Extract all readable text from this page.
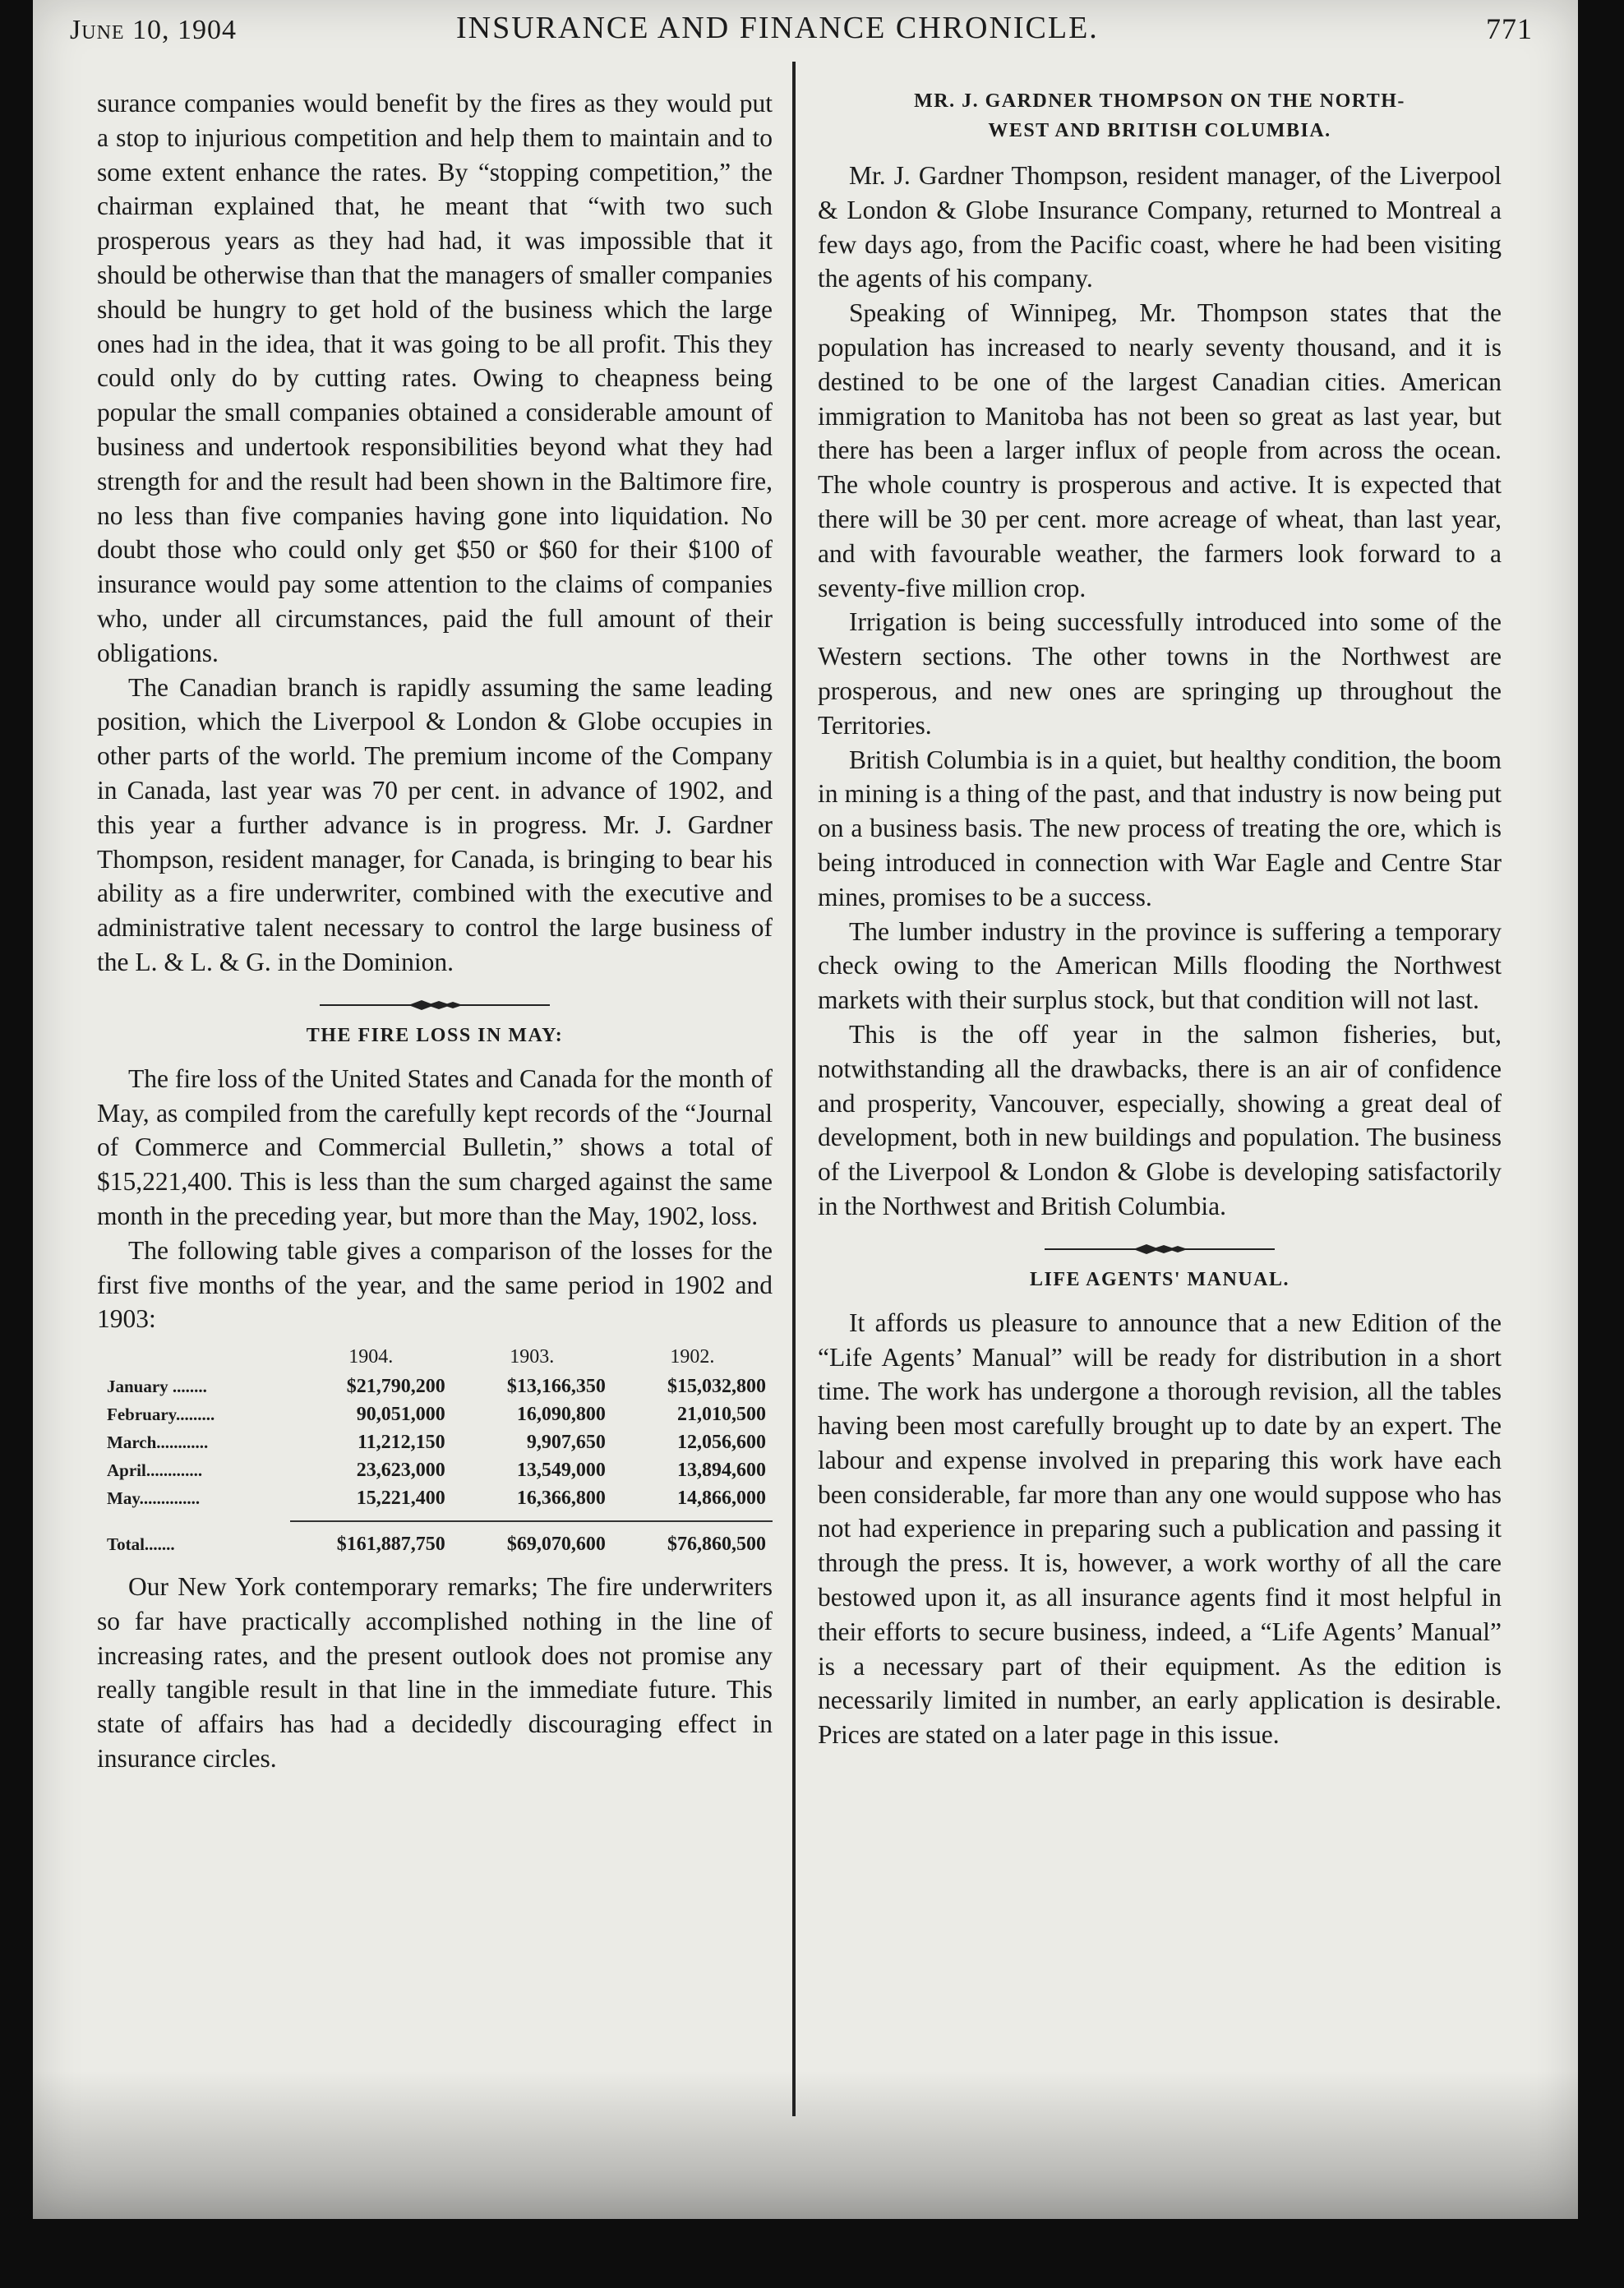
June 10, 1904	INSURANCE AND FINANCE CHRONICLE.	771

surance companies would benefit by the fires as they would put a stop to injurious competition and help them to maintain and to some extent enhance the rates. By “stopping competition,” the chairman explained that, he meant that “with two such prosperous years as they had had, it was impossible that it should be otherwise than that the managers of smaller companies should be hungry to get hold of the business which the large ones had in the idea, that it was going to be all profit. This they could only do by cutting rates. Owing to cheapness being popular the small companies obtained a considerable amount of business and undertook responsibilities beyond what they had strength for and the result had been shown in the Baltimore fire, no less than five companies having gone into liquidation. No doubt those who could only get $50 or $60 for their $100 of insurance would pay some attention to the claims of companies who, under all circumstances, paid the full amount of their obligations.

The Canadian branch is rapidly assuming the same leading position, which the Liverpool & London & Globe occupies in other parts of the world. The premium income of the Company in Canada, last year was 70 per cent. in advance of 1902, and this year a further advance is in progress. Mr. J. Gardner Thompson, resident manager, for Canada, is bringing to bear his ability as a fire underwriter, combined with the executive and administrative talent necessary to control the large business of the L. & L. & G. in the Dominion.

THE FIRE LOSS IN MAY:

The fire loss of the United States and Canada for the month of May, as compiled from the carefully kept records of the “Journal of Commerce and Commercial Bulletin,” shows a total of $15,221,400. This is less than the sum charged against the same month in the preceding year, but more than the May, 1902, loss.

The following table gives a comparison of the losses for the first five months of the year, and the same period in 1902 and 1903:

	1904.	1903.	1902.
January ........	$21,790,200	$13,166,350	$15,032,800
February.........	90,051,000	16,090,800	21,010,500
March............	11,212,150	9,907,650	12,056,600
April.............	23,623,000	13,549,000	13,894,600
May..............	15,221,400	16,366,800	14,866,000

Total.......	$161,887,750	$69,070,600	$76,860,500

Our New York contemporary remarks; The fire underwriters so far have practically accomplished nothing in the line of increasing rates, and the present outlook does not promise any really tangible result in that line in the immediate future. This state of affairs has had a decidedly discouraging effect in insurance circles.

MR. J. GARDNER THOMPSON ON THE NORTH-
WEST AND BRITISH COLUMBIA.

Mr. J. Gardner Thompson, resident manager, of the Liverpool & London & Globe Insurance Company, returned to Montreal a few days ago, from the Pacific coast, where he had been visiting the agents of his company.

Speaking of Winnipeg, Mr. Thompson states that the population has increased to nearly seventy thousand, and it is destined to be one of the largest Canadian cities. American immigration to Manitoba has not been so great as last year, but there has been a larger influx of people from across the ocean. The whole country is prosperous and active. It is expected that there will be 30 per cent. more acreage of wheat, than last year, and with favourable weather, the farmers look forward to a seventy-five million crop.

Irrigation is being successfully introduced into some of the Western sections. The other towns in the Northwest are prosperous, and new ones are springing up throughout the Territories.

British Columbia is in a quiet, but healthy condition, the boom in mining is a thing of the past, and that industry is now being put on a business basis. The new process of treating the ore, which is being introduced in connection with War Eagle and Centre Star mines, promises to be a success.

The lumber industry in the province is suffering a temporary check owing to the American Mills flooding the Northwest markets with their surplus stock, but that condition will not last.

This is the off year in the salmon fisheries, but, notwithstanding all the drawbacks, there is an air of confidence and prosperity, Vancouver, especially, showing a great deal of development, both in new buildings and population. The business of the Liverpool & London & Globe is developing satisfactorily in the Northwest and British Columbia.

LIFE AGENTS' MANUAL.

It affords us pleasure to announce that a new Edition of the “Life Agents’ Manual” will be ready for distribution in a short time. The work has undergone a thorough revision, all the tables having been most carefully brought up to date by an expert. The labour and expense involved in preparing this work have each been considerable, far more than any one would suppose who has not had experience in preparing such a publication and passing it through the press. It is, however, a work worthy of all the care bestowed upon it, as all insurance agents find it most helpful in their efforts to secure business, indeed, a “Life Agents’ Manual” is a necessary part of their equipment. As the edition is necessarily limited in number, an early application is desirable. Prices are stated on a later page in this issue.
